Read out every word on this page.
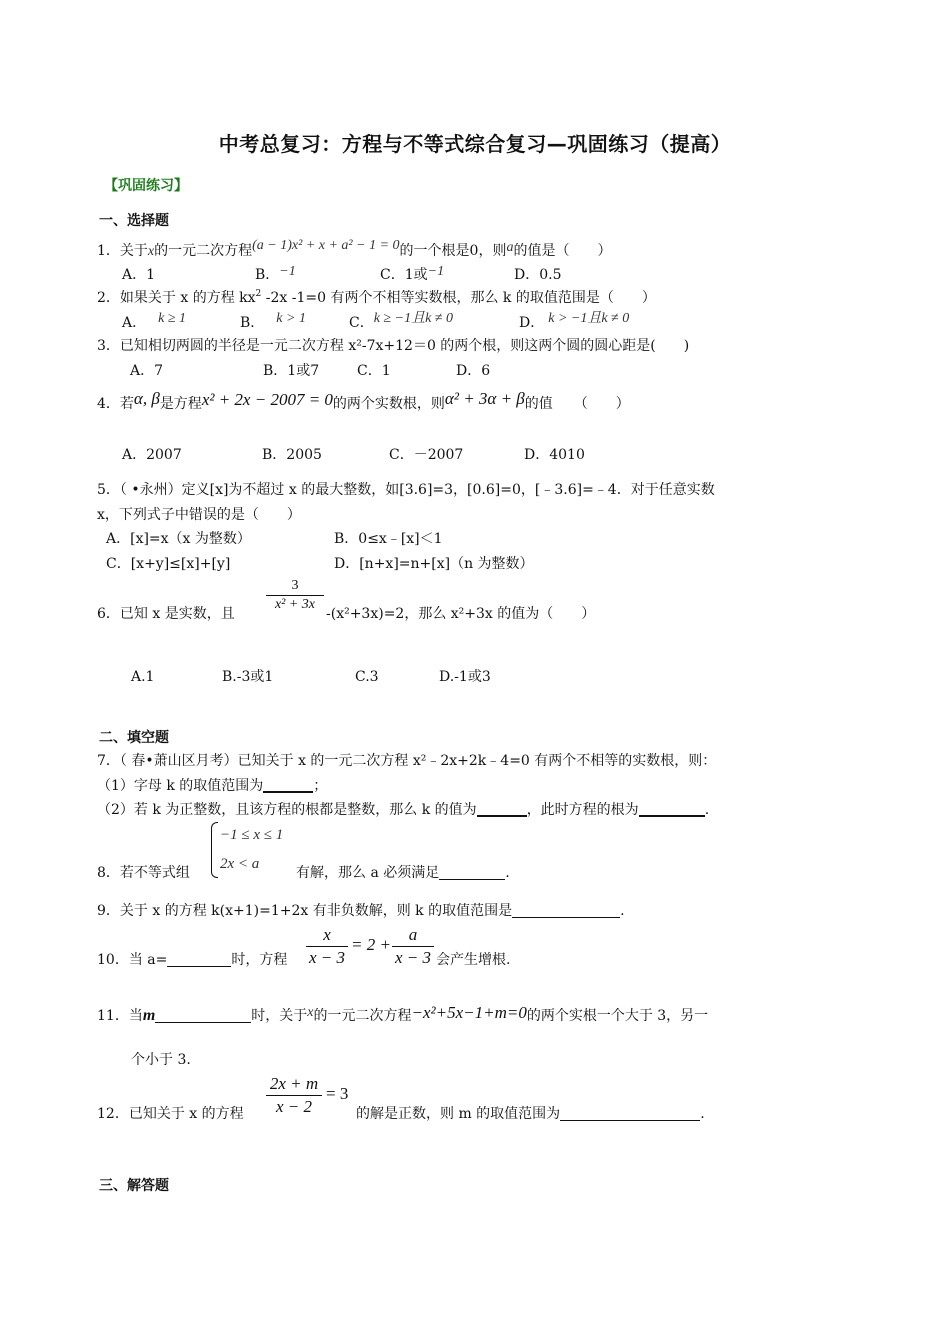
中考总复习：方程与不等式综合复习—巩固练习（提高）
【巩固练习】
一、选择题
1．关于x的一元二次方程(a − 1)x² + x + a² − 1 = 0的一个根是0，则a的值是（　　）
A．1	B．−1	C．1或−1	D．0.5
2．如果关于 x 的方程 $kx^2$ -2x -1=0 有两个不相等实数根，那么 k 的取值范围是（　　）
A． k ≥ 1	B． k > 1	C．k ≥ −1且k ≠ 0	D． k > −1且k ≠ 0
3．已知相切两圆的半径是一元二次方程 x²-7x+12＝0 的两个根，则这两个圆的圆心距是(　　)
A．7	B．1或7	C．1	D．6
4．若α, β是方程x² + 2x − 2007 = 0的两个实数根，则α² + 3α + β的值　　（　　）
A．2007	B．2005	C．－2007	D．4010
5．（ •永州）定义[x]为不超过 x 的最大整数，如[3.6]=3，[0.6]=0，[﹣3.6]=﹣4．对于任意实数
x，下列式子中错误的是（　　）
A．[x]=x（x 为整数）	B．0≤x﹣[x]＜1
C．[x+y]≤[x]+[y]	D．[n+x]=n+[x]（n 为整数）
6．已知 x 是实数，且
$\frac{3}{\text{x² + 3x}}$
-(x²+3x)=2，那么 x²+3x 的值为（　　）
A.1	B.-3或1	C.3	D.-1或3
二、填空题
7．（ 春•萧山区月考）已知关于 x 的一元二次方程 x²﹣2x+2k﹣4=0 有两个不相等的实数根，则：
（1）字母 k 的取值范围为	；
（2）若 k 为正整数，且该方程的根都是整数，那么 k 的值为	，此时方程的根为	.
−1 ≤ x ≤ 1
2x < a
8．若不等式组	有解，那么 a 必须满足	.
9．关于 x 的方程 k(x+1)=1+2x 有非负数解，则 k 的取值范围是	.
10．当 a=	时，方程 $\frac{x}{x - 3} = 2 + \frac{a}{x - 3}$ 会产生增根.
11．当m	时，关于x的一元二次方程−x²+5x−1+m=0的两个实根一个大于 3，另一
个小于 3.
12．已知关于 x 的方程 $\frac{2x + m}{x - 2} = 3$
的解是正数，则 m 的取值范围为	.
三、解答题
